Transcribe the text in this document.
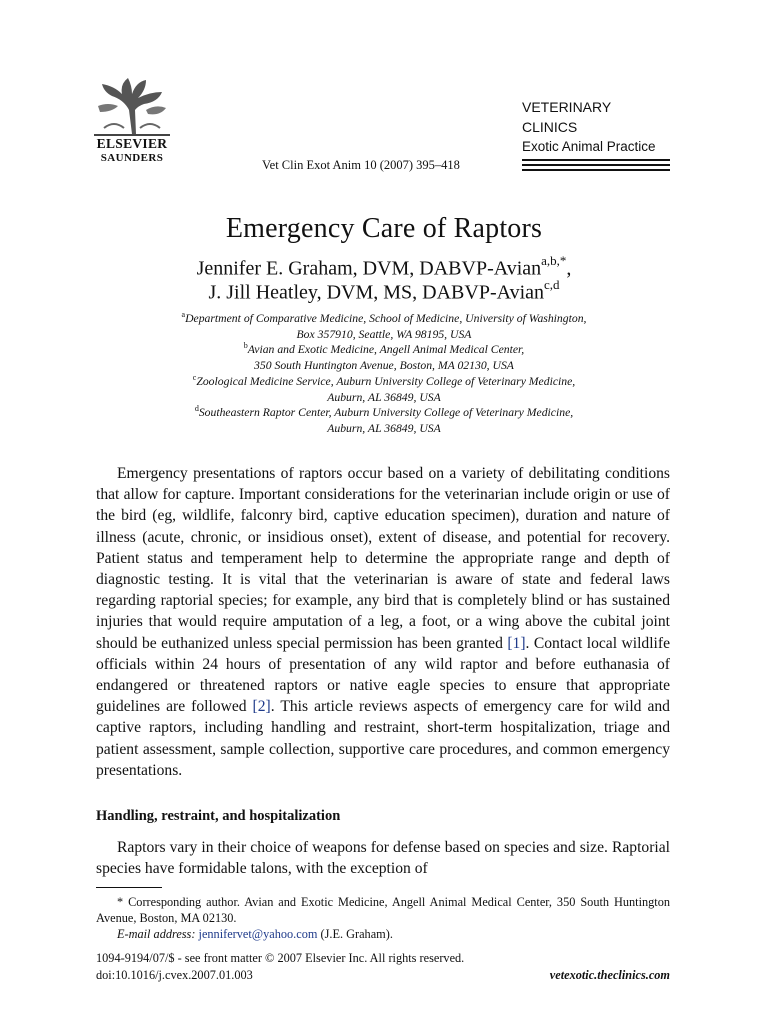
ELSEVIER
SAUNDERS	Vet Clin Exot Anim 10 (2007) 395–418
VETERINARY
CLINICS
Exotic Animal Practice
Emergency Care of Raptors
Jennifer E. Graham, DVM, DABVP-Avian$^{a,b,*}$,
J. Jill Heatley, DVM, MS, DABVP-Avian$^{c,d}$
$^a$Department of Comparative Medicine, School of Medicine, University of Washington,
Box 357910, Seattle, WA 98195, USA
$^b$Avian and Exotic Medicine, Angell Animal Medical Center,
350 South Huntington Avenue, Boston, MA 02130, USA
$^c$Zoological Medicine Service, Auburn University College of Veterinary Medicine,
Auburn, AL 36849, USA
$^d$Southeastern Raptor Center, Auburn University College of Veterinary Medicine,
Auburn, AL 36849, USA
Emergency presentations of raptors occur based on a variety of debilitating conditions that allow for capture. Important considerations for the veterinarian include origin or use of the bird (eg, wildlife, falconry bird, captive education specimen), duration and nature of illness (acute, chronic, or insidious onset), extent of disease, and potential for recovery. Patient status and temperament help to determine the appropriate range and depth of diagnostic testing. It is vital that the veterinarian is aware of state and federal laws regarding raptorial species; for example, any bird that is completely blind or has sustained injuries that would require amputation of a leg, a foot, or a wing above the cubital joint should be euthanized unless special permission has been granted [1]. Contact local wildlife officials within 24 hours of presentation of any wild raptor and before euthanasia of endangered or threatened raptors or native eagle species to ensure that appropriate guidelines are followed [2]. This article reviews aspects of emergency care for wild and captive raptors, including handling and restraint, short-term hospitalization, triage and patient assessment, sample collection, supportive care procedures, and common emergency presentations.
Handling, restraint, and hospitalization
Raptors vary in their choice of weapons for defense based on species and size. Raptorial species have formidable talons, with the exception of
* Corresponding author. Avian and Exotic Medicine, Angell Animal Medical Center, 350 South Huntington Avenue, Boston, MA 02130.
E-mail address: jennifervet@yahoo.com (J.E. Graham).
1094-9194/07/$ - see front matter © 2007 Elsevier Inc. All rights reserved.
doi:10.1016/j.cvex.2007.01.003	vetexotic.theclinics.com
